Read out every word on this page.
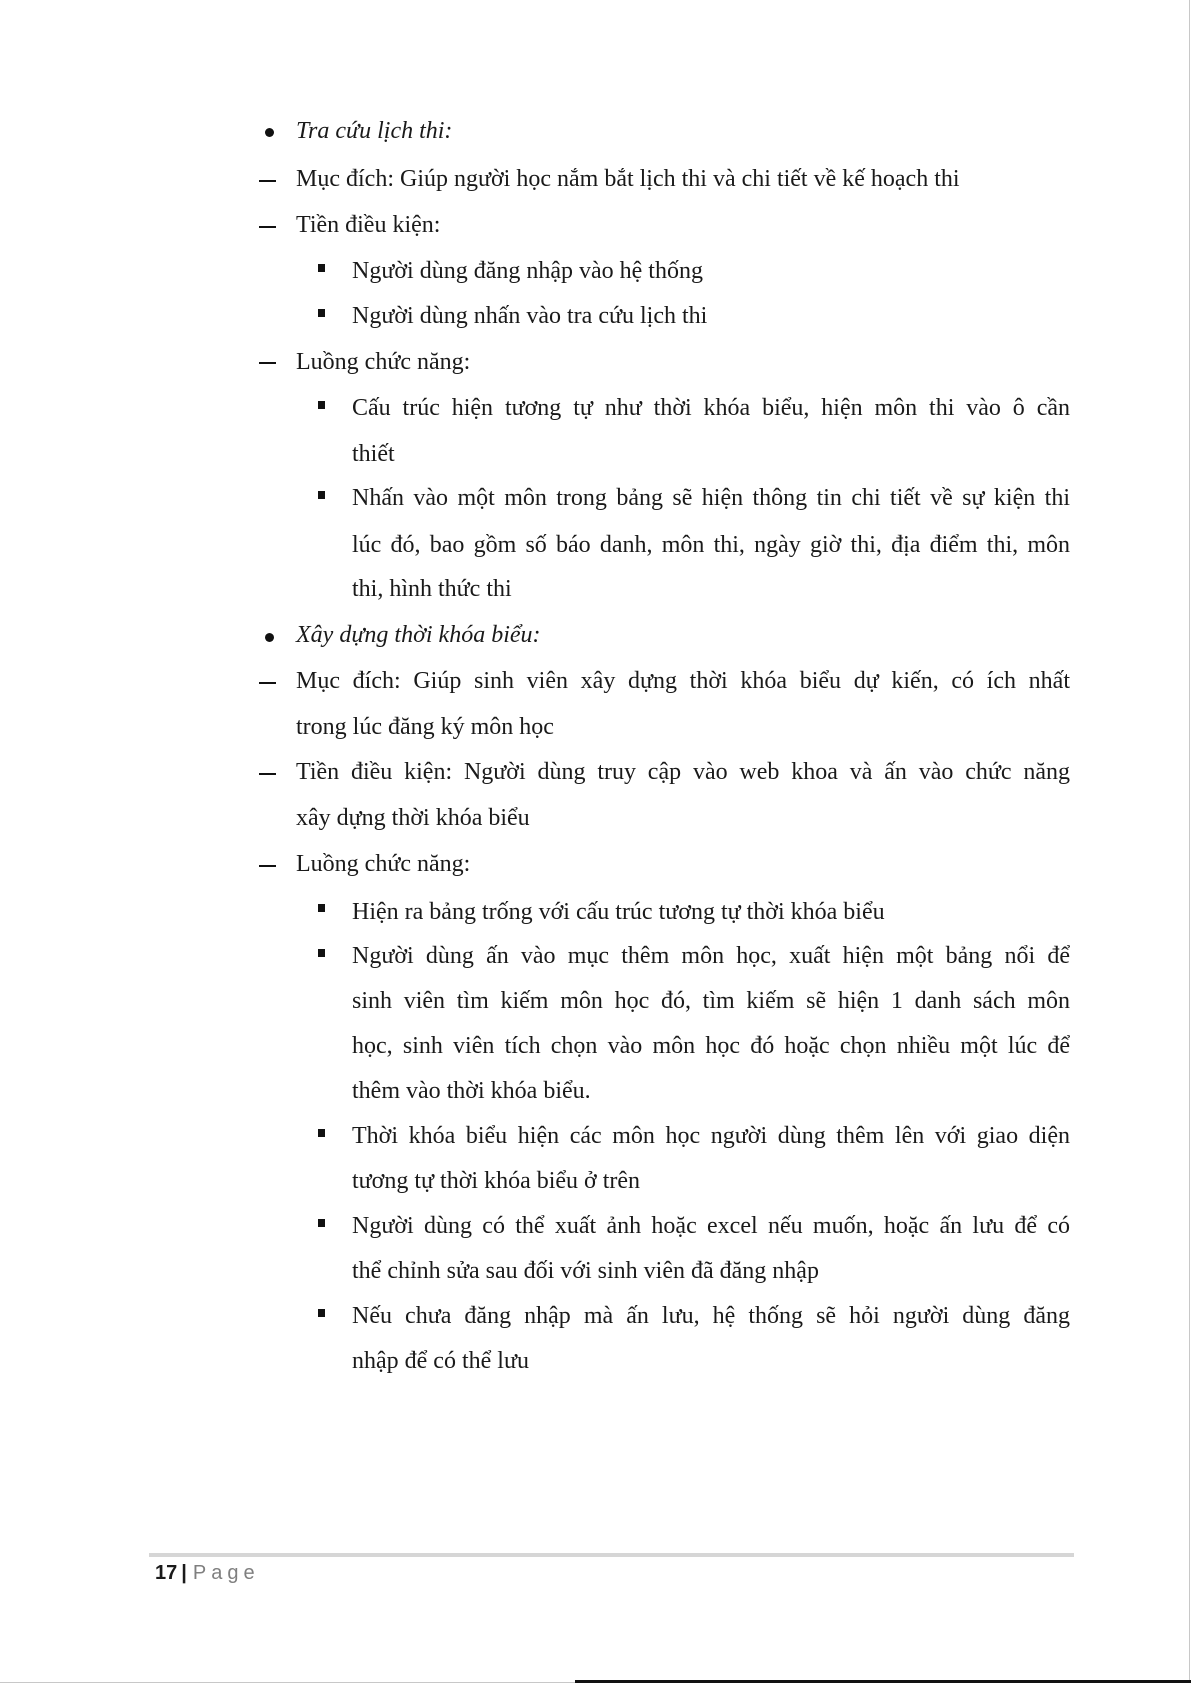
Tra cứu lịch thi:
Mục đích: Giúp người học nắm bắt lịch thi và chi tiết về kế hoạch thi
Tiền điều kiện:
Người dùng đăng nhập vào hệ thống
Người dùng nhấn vào tra cứu lịch thi
Luồng chức năng:
Cấu trúc hiện tương tự như thời khóa biểu, hiện môn thi vào ô cần
thiết
Nhấn vào một môn trong bảng sẽ hiện thông tin chi tiết về sự kiện thi
lúc đó, bao gồm số báo danh, môn thi, ngày giờ thi, địa điểm thi, môn
thi, hình thức thi
Xây dựng thời khóa biểu:
Mục đích: Giúp sinh viên xây dựng thời khóa biểu dự kiến, có ích nhất
trong lúc đăng ký môn học
Tiền điều kiện: Người dùng truy cập vào web khoa và ấn vào chức năng
xây dựng thời khóa biểu
Luồng chức năng:
Hiện ra bảng trống với cấu trúc tương tự thời khóa biểu
Người dùng ấn vào mục thêm môn học, xuất hiện một bảng nổi để
sinh viên tìm kiếm môn học đó, tìm kiếm sẽ hiện 1 danh sách môn
học, sinh viên tích chọn vào môn học đó hoặc chọn nhiều một lúc để
thêm vào thời khóa biểu.
Thời khóa biểu hiện các môn học người dùng thêm lên với giao diện
tương tự thời khóa biểu ở trên
Người dùng có thể xuất ảnh hoặc excel nếu muốn, hoặc ấn lưu để có
thể chỉnh sửa sau đối với sinh viên đã đăng nhập
Nếu chưa đăng nhập mà ấn lưu, hệ thống sẽ hỏi người dùng đăng
nhập để có thể lưu
17 | Page
